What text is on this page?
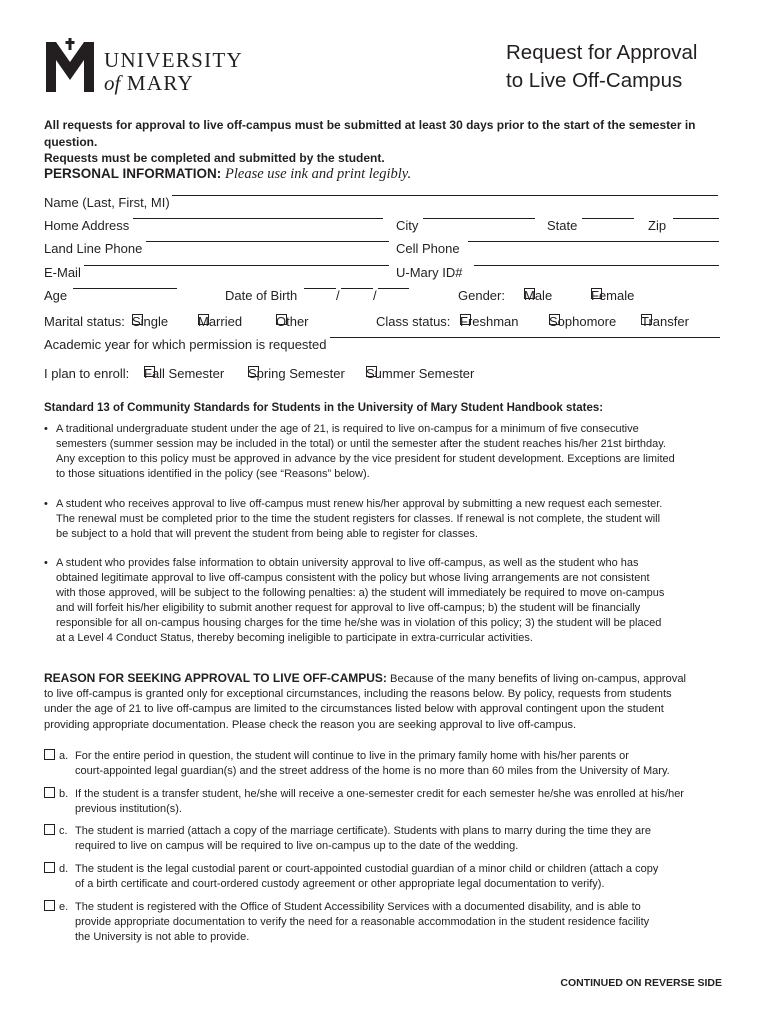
UNIVERSITY
of MARY
Request for Approval
to Live Off-Campus
All requests for approval to live off-campus must be submitted at least 30 days prior to the start of the semester in question.
Requests must be completed and submitted by the student.
PERSONAL INFORMATION: Please use ink and print legibly.
Name (Last, First, MI)
Home Address	City	State	Zip
Land Line Phone	Cell Phone
E-Mail	U-Mary ID#
Age	Date of Birth	/	/	Gender: Male	Female
Marital status: Single Married	Other	Class status: Freshman Sophomore Transfer
Academic year for which permission is requested
I plan to enroll: Fall Semester Spring Semester Summer Semester
Standard 13 of Community Standards for Students in the University of Mary Student Handbook states:
• A traditional undergraduate student under the age of 21, is required to live on-campus for a minimum of five consecutive
semesters (summer session may be included in the total) or until the semester after the student reaches his/her 21st birthday.
Any exception to this policy must be approved in advance by the vice president for student development. Exceptions are limited
to those situations identified in the policy (see “Reasons” below).
• A student who receives approval to live off-campus must renew his/her approval by submitting a new request each semester.
The renewal must be completed prior to the time the student registers for classes. If renewal is not complete, the student will
be subject to a hold that will prevent the student from being able to register for classes.
• A student who provides false information to obtain university approval to live off-campus, as well as the student who has
obtained legitimate approval to live off-campus consistent with the policy but whose living arrangements are not consistent
with those approved, will be subject to the following penalties: a) the student will immediately be required to move on-campus
and will forfeit his/her eligibility to submit another request for approval to live off-campus; b) the student will be financially
responsible for all on-campus housing charges for the time he/she was in violation of this policy; 3) the student will be placed
at a Level 4 Conduct Status, thereby becoming ineligible to participate in extra-curricular activities.
REASON FOR SEEKING APPROVAL TO LIVE OFF-CAMPUS: Because of the many benefits of living on-campus, approval
to live off-campus is granted only for exceptional circumstances, including the reasons below. By policy, requests from students
under the age of 21 to live off-campus are limited to the circumstances listed below with approval contingent upon the student
providing appropriate documentation. Please check the reason you are seeking approval to live off-campus.
a. For the entire period in question, the student will continue to live in the primary family home with his/her parents or
court-appointed legal guardian(s) and the street address of the home is no more than 60 miles from the University of Mary.
b. If the student is a transfer student, he/she will receive a one-semester credit for each semester he/she was enrolled at his/her
previous institution(s).
c. The student is married (attach a copy of the marriage certificate). Students with plans to marry during the time they are
required to live on campus will be required to live on-campus up to the date of the wedding.
d. The student is the legal custodial parent or court-appointed custodial guardian of a minor child or children (attach a copy
of a birth certificate and court-ordered custody agreement or other appropriate legal documentation to verify).
e. The student is registered with the Office of Student Accessibility Services with a documented disability, and is able to
provide appropriate documentation to verify the need for a reasonable accommodation in the student residence facility
the University is not able to provide.
CONTINUED ON REVERSE SIDE
